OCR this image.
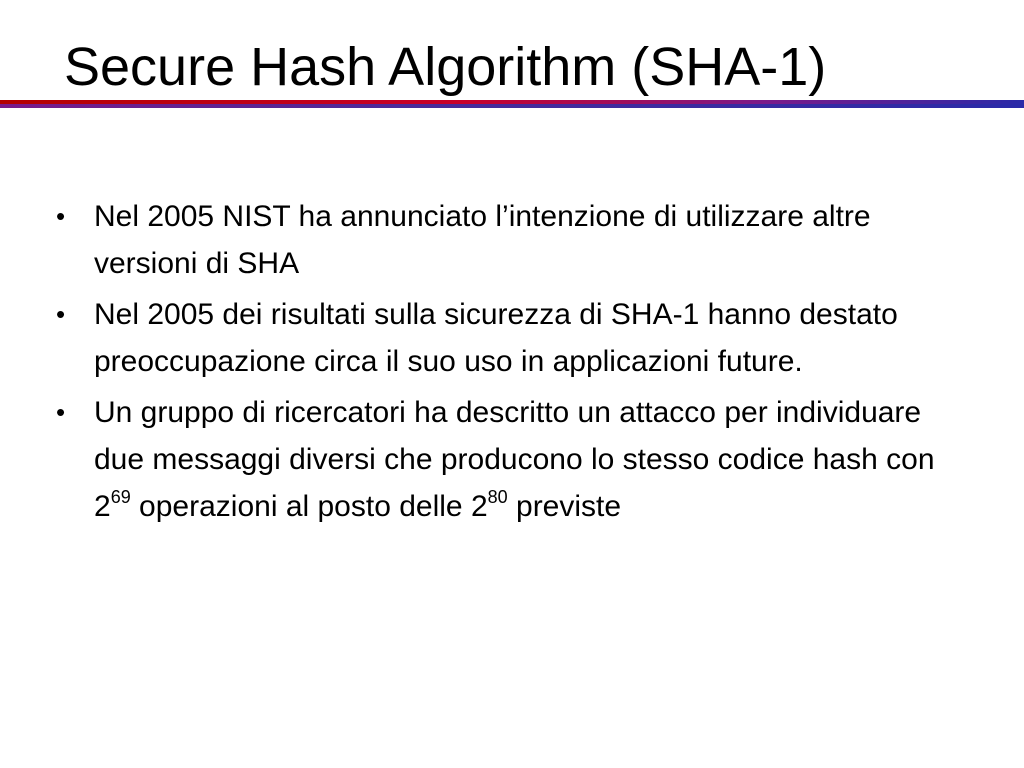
Secure Hash Algorithm (SHA-1)
• Nel 2005 NIST ha annunciato l’intenzione di utilizzare altre versioni di SHA
• Nel 2005 dei risultati sulla sicurezza di SHA-1 hanno destato preoccupazione circa il suo uso in applicazioni future.
• Un gruppo di ricercatori ha descritto un attacco per individuare due messaggi diversi che producono lo stesso codice hash con $2^{69}$ operazioni al posto delle $2^{80}$ previste
